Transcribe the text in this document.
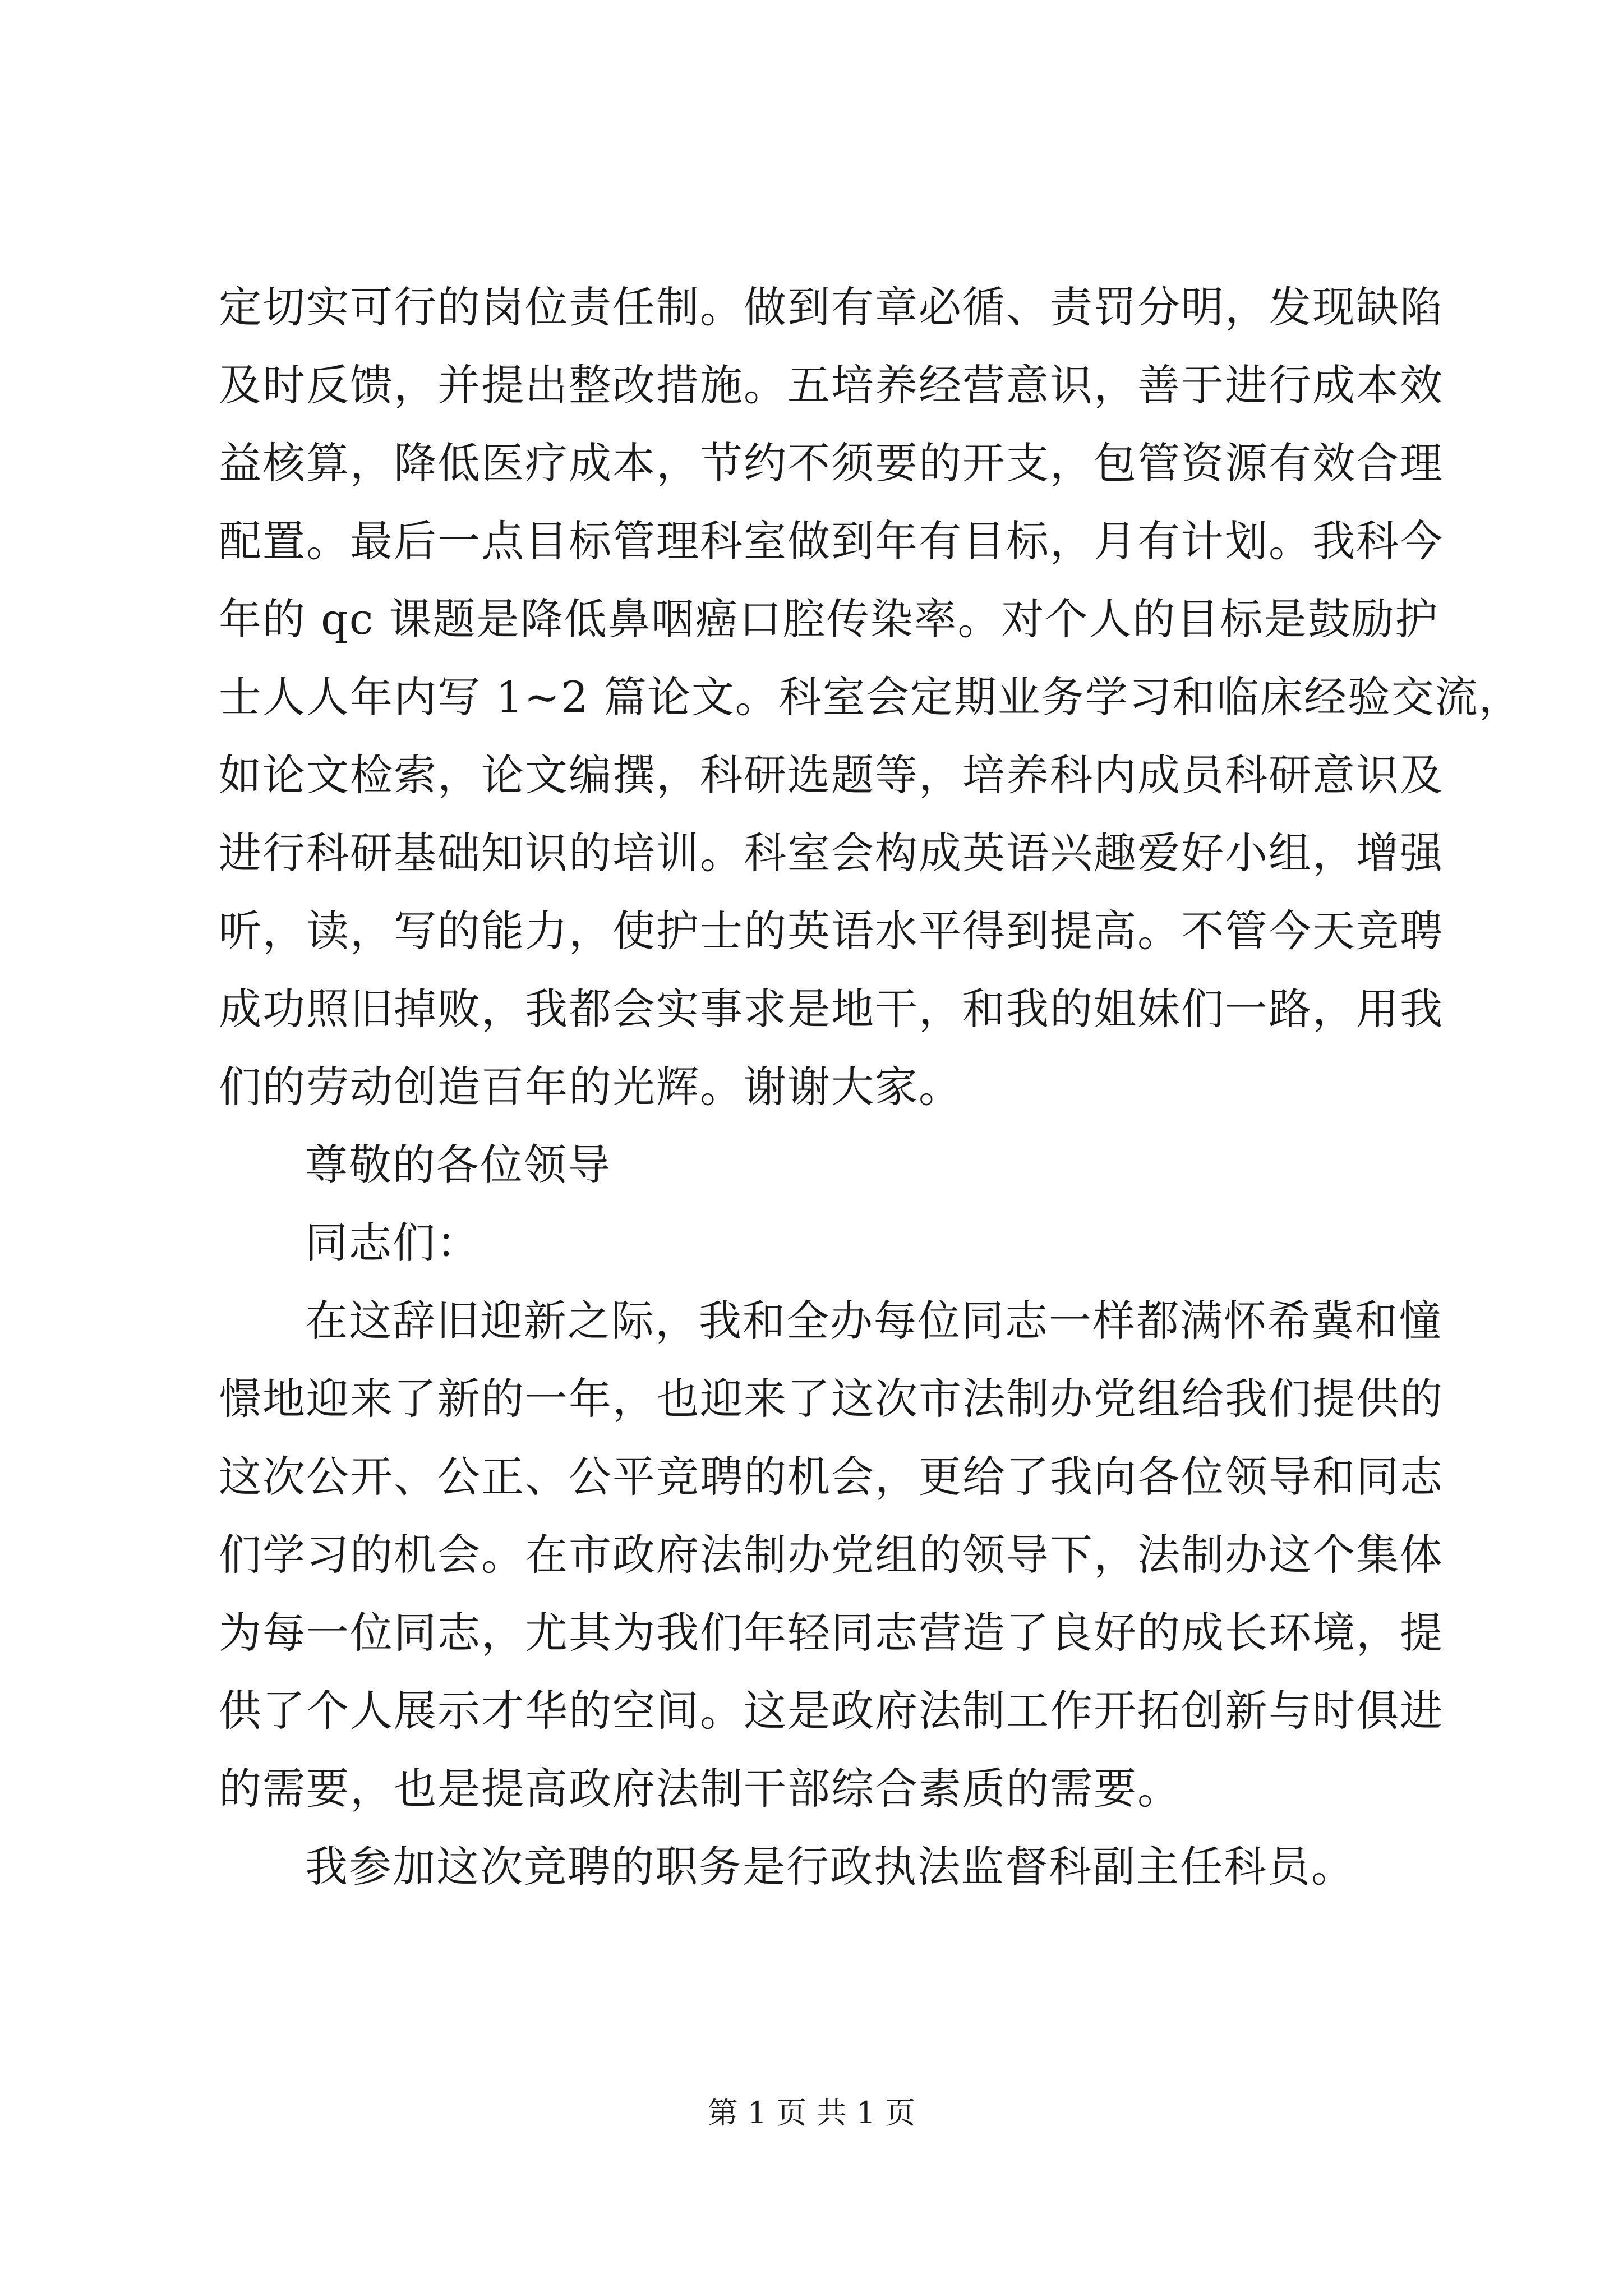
定切实可行的岗位责任制。做到有章必循、责罚分明，发现缺陷
及时反馈，并提出整改措施。五培养经营意识，善于进行成本效
益核算，降低医疗成本，节约不须要的开支，包管资源有效合理
配置。最后一点目标管理科室做到年有目标，月有计划。我科今
年的 qc 课题是降低鼻咽癌口腔传染率。对个人的目标是鼓励护
士人人年内写 1~2 篇论文。科室会定期业务学习和临床经验交流，
如论文检索，论文编撰，科研选题等，培养科内成员科研意识及
进行科研基础知识的培训。科室会构成英语兴趣爱好小组，增强
听，读，写的能力，使护士的英语水平得到提高。不管今天竞聘
成功照旧掉败，我都会实事求是地干，和我的姐妹们一路，用我
们的劳动创造百年的光辉。谢谢大家。
尊敬的各位领导
同志们：
在这辞旧迎新之际，我和全办每位同志一样都满怀希冀和憧
憬地迎来了新的一年，也迎来了这次市法制办党组给我们提供的
这次公开、公正、公平竞聘的机会，更给了我向各位领导和同志
们学习的机会。在市政府法制办党组的领导下，法制办这个集体
为每一位同志，尤其为我们年轻同志营造了良好的成长环境，提
供了个人展示才华的空间。这是政府法制工作开拓创新与时俱进
的需要，也是提高政府法制干部综合素质的需要。
我参加这次竞聘的职务是行政执法监督科副主任科员。
第 1 页 共 1 页
